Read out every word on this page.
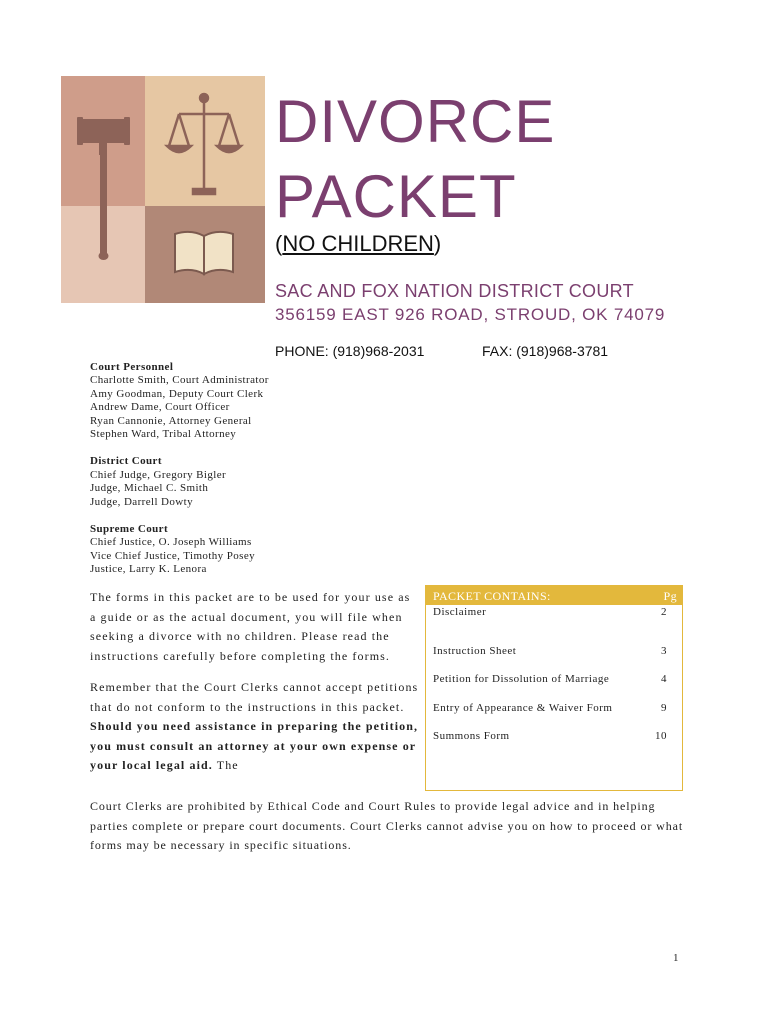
DIVORCE
PACKET
(NO CHILDREN)
SAC AND FOX NATION DISTRICT COURT
356159 EAST 926 ROAD, STROUD, OK 74079
PHONE: (918)968-2031	FAX: (918)968-3781
Court Personnel
Charlotte Smith, Court Administrator
Amy Goodman, Deputy Court Clerk
Andrew Dame, Court Officer
Ryan Cannonie, Attorney General
Stephen Ward, Tribal Attorney
District Court
Chief Judge, Gregory Bigler
Judge, Michael C. Smith
Judge, Darrell Dowty
Supreme Court
Chief Justice, O. Joseph Williams
Vice Chief Justice, Timothy Posey
Justice, Larry K. Lenora
PACKET CONTAINS:	Pg
Disclaimer	2
Instruction Sheet	3
Petition for Dissolution of Marriage	4
Entry of Appearance & Waiver Form	9
Summons Form	10

The forms in this packet are to be used for your use as a guide or as the actual document, you will file when seeking a divorce with no children. Please read the instructions carefully before completing the forms.

Remember that the Court Clerks cannot accept petitions that do not conform to the instructions in this packet. Should you need assistance in preparing the petition, you must consult an attorney at your own expense or your local legal aid. The

Court Clerks are prohibited by Ethical Code and Court Rules to provide legal advice and in helping parties complete or prepare court documents. Court Clerks cannot advise you on how to proceed or what forms may be necessary in specific situations.
1
